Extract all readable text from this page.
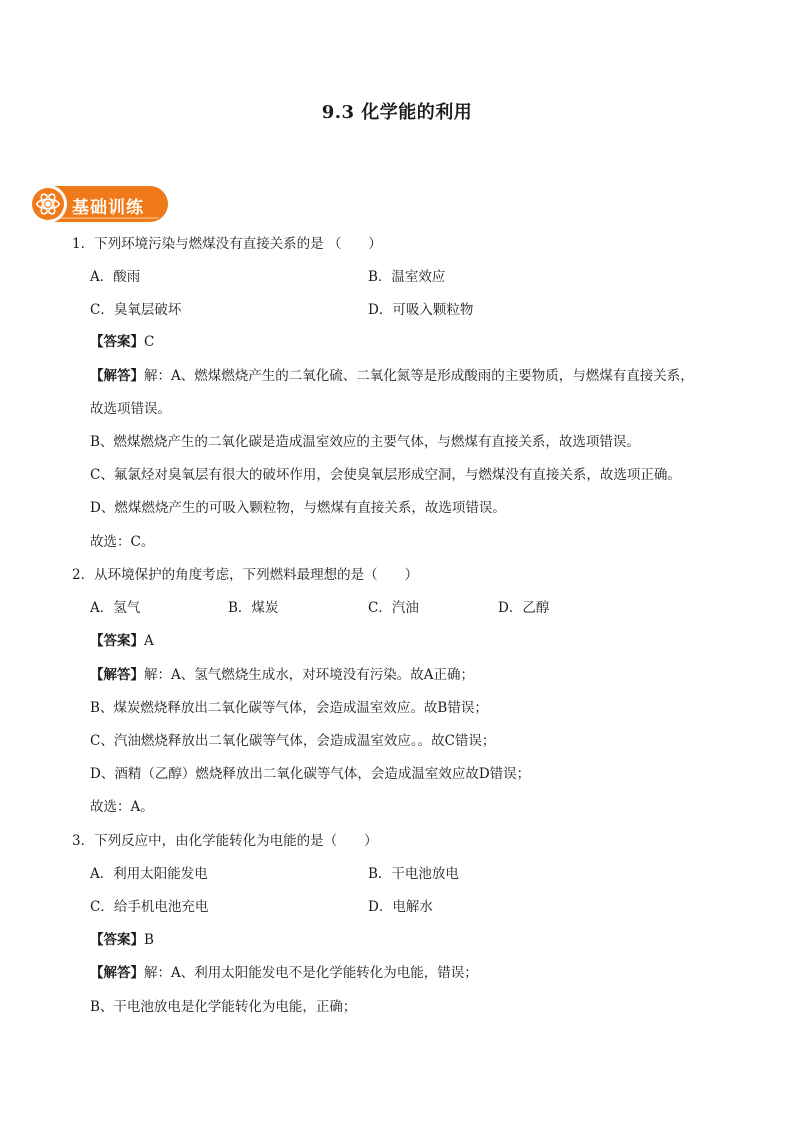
9.3 化学能的利用
基础训练
1．下列环境污染与燃煤没有直接关系的是 （　　）
A．酸雨	B．温室效应
C．臭氧层破坏	D．可吸入颗粒物
【答案】C
【解答】解：A、燃煤燃烧产生的二氧化硫、二氧化氮等是形成酸雨的主要物质，与燃煤有直接关系，
故选项错误。
B、燃煤燃烧产生的二氧化碳是造成温室效应的主要气体，与燃煤有直接关系，故选项错误。
C、氟氯烃对臭氧层有很大的破坏作用，会使臭氧层形成空洞，与燃煤没有直接关系，故选项正确。
D、燃煤燃烧产生的可吸入颗粒物，与燃煤有直接关系，故选项错误。
故选：C。
2．从环境保护的角度考虑，下列燃料最理想的是（　　）
A．氢气	B．煤炭	C．汽油	D．乙醇
【答案】A
【解答】解：A、氢气燃烧生成水，对环境没有污染。故A正确；
B、煤炭燃烧释放出二氧化碳等气体，会造成温室效应。故B错误；
C、汽油燃烧释放出二氧化碳等气体，会造成温室效应。。故C错误；
D、酒精（乙醇）燃烧释放出二氧化碳等气体，会造成温室效应故D错误；
故选：A。
3．下列反应中，由化学能转化为电能的是（　　）
A．利用太阳能发电	B．干电池放电
C．给手机电池充电	D．电解水
【答案】B
【解答】解：A、利用太阳能发电不是化学能转化为电能，错误；
B、干电池放电是化学能转化为电能，正确；
